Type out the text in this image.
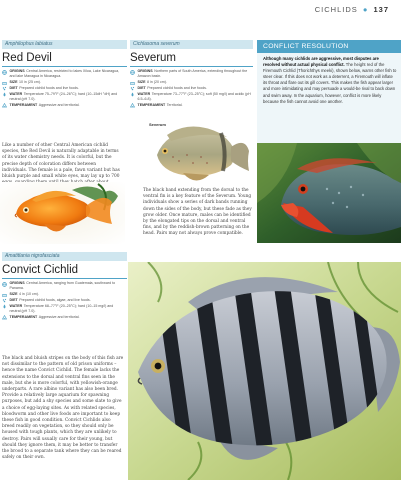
CICHLIDS ● 137
Amphilophus labiatus
Red Devil
ORIGINS Central America, restricted to lakes Xiloa, Lake Nicaragua, and lake Managua in Nicaragua.
SIZE 10 in (25 cm).
DIET Prepared cichlid foods and live foods.
WATER Temperature 75–79°F (24–26°C); hard (10–15dH °dH) and neutral (pH 7.0).
TEMPERAMENT Aggressive and territorial.
Like a number of other Central American cichlid species, the Red Devil is naturally adaptable in terms of its water chemistry needs. It is colorful, but the precise depth of coloration differs between individuals. The female is a pale, fawn variant but has bluish purple and small white eyes, may lay up to 700
Cichlasoma severum
Severum
ORIGINS Northern parts of South America, extending throughout the Amazon basin.
SIZE 8 in (20 cm).
DIET Prepared cichlid foods and live foods.
WATER Temperature 73–77°F (23–25°C); soft (50 mg/l) and acidic (pH 6.5–6.8).
TEMPERAMENT Territorial.
Severum
The black band extending from the dorsal to the ventral fin is a key feature of the Severum. Young individuals show a series of dark bands running down the sides of the body, but these fade as they grow older. Once mature, males can be identified by the elongated tips on the dorsal and ventral fins, and by the reddish-brown patterning on the head. Pairs may not always prove compatible.
CONFLICT RESOLUTION
Although many cichlids are aggressive, most disputes are resolved without actual physical conflict. The height red of the Firemouth Cichlid (Thorichthys meeki), shown below, warns other fish to steer clear. If this does not work as a deterrent, a Firemouth will inflate its throat and flare out its gill covers. This makes the fish appear larger and more intimidating and may persuade a would-be rival to back down and swim away. In the aquarium, however, conflict is more likely because the fish cannot avoid one another.
Amatitlania nigrofasciata
Convict Cichlid
ORIGINS Central America, ranging from Guatemala, southward to Panama.
SIZE 4 in (10 cm).
DIET Prepared cichlid foods, algae, and live foods.
WATER Temperature 68–77°F (20–25°C); hard (10–15 mg/l) and neutral (pH 7.0).
TEMPERAMENT Aggressive and territorial.
The black and bluish stripes on the body of this fish are not dissimilar to the pattern of old prison uniforms – hence the name Convict Cichlid. The female lacks the extensions to the dorsal and ventral fins seen in the male, but she is more colorful, with yellowish-orange underparts. A rare albino variant has also been bred. Provide a relatively large aquarium for spawning purposes, but add a shy species and some slate to give a choice of egg-laying sites. As with related species, bloodworm and other live foods are important to keep these fish in good condition. Convict Cichlids also breed readily on vegetation, so they should only be housed with tough plants, which they are unlikely to destroy. Pairs will usually care for their young, but should they ignore them, it may be better to transfer the brood to a separate tank where they can be reared safely on their own.
